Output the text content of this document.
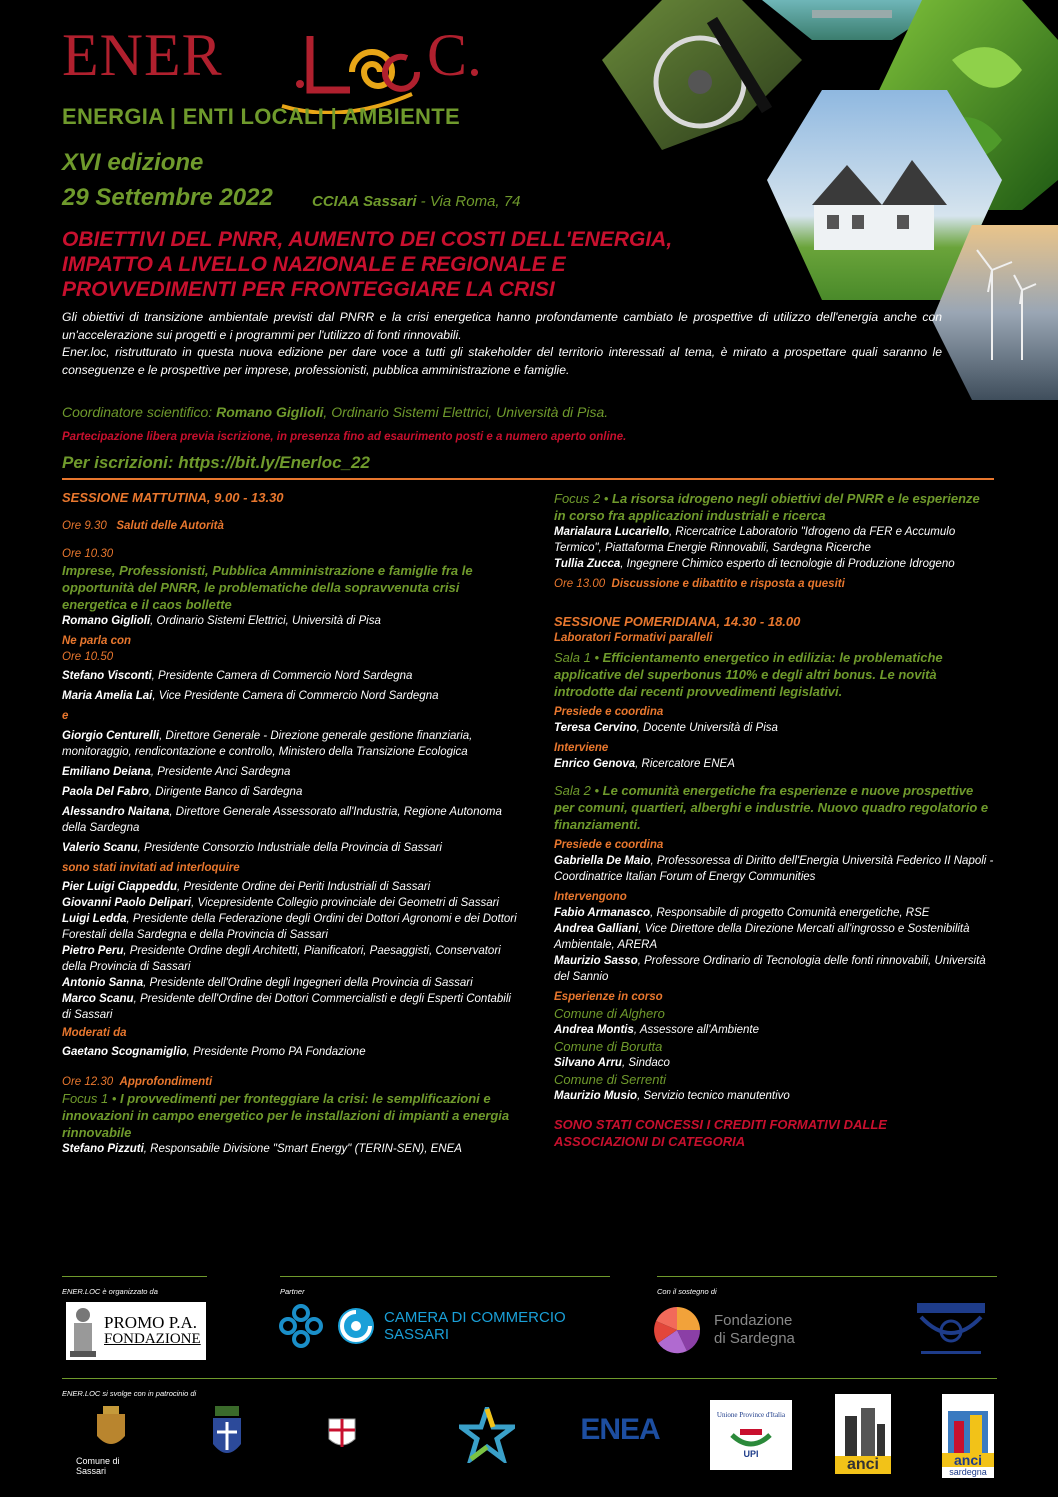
ENER	C.
ENERGIA | ENTI LOCALI | AMBIENTE
XVI edizione
29 Settembre 2022	CCIAA Sassari - Via Roma, 74
OBIETTIVI DEL PNRR, AUMENTO DEI COSTI DELL'ENERGIA,
IMPATTO A LIVELLO NAZIONALE E REGIONALE E
PROVVEDIMENTI PER FRONTEGGIARE LA CRISI
Gli obiettivi di transizione ambientale previsti dal PNRR e la crisi energetica hanno profondamente cambiato le prospettive di utilizzo dell'energia anche con un'accelerazione sui progetti e i programmi per l'utilizzo di fonti rinnovabili.
Ener.loc, ristrutturato in questa nuova edizione per dare voce a tutti gli stakeholder del territorio interessati al tema, è mirato a prospettare quali saranno le conseguenze e le prospettive per imprese, professionisti, pubblica amministrazione e famiglie.
Coordinatore scientifico: Romano Giglioli, Ordinario Sistemi Elettrici, Università di Pisa.
Partecipazione libera previa iscrizione, in presenza fino ad esaurimento posti e a numero aperto online.
Per iscrizioni: https://bit.ly/Enerloc_22
SESSIONE MATTUTINA, 9.00 - 13.30
Ore 9.30 Saluti delle Autorità
Ore 10.30
Imprese, Professionisti, Pubblica Amministrazione e famiglie fra le opportunità del PNRR, le problematiche della sopravvenuta crisi energetica e il caos bollette
Romano Giglioli, Ordinario Sistemi Elettrici, Università di Pisa
Ne parla con
Ore 10.50
Stefano Visconti, Presidente Camera di Commercio Nord Sardegna
Maria Amelia Lai, Vice Presidente Camera di Commercio Nord Sardegna
e
Giorgio Centurelli, Direttore Generale - Direzione generale gestione finanziaria, monitoraggio, rendicontazione e controllo, Ministero della Transizione Ecologica
Emiliano Deiana, Presidente Anci Sardegna
Paola Del Fabro, Dirigente Banco di Sardegna
Alessandro Naitana, Direttore Generale Assessorato all'Industria, Regione Autonoma della Sardegna
Valerio Scanu, Presidente Consorzio Industriale della Provincia di Sassari
sono stati invitati ad interloquire
Pier Luigi Ciappeddu, Presidente Ordine dei Periti Industriali di Sassari
Giovanni Paolo Delipari, Vicepresidente Collegio provinciale dei Geometri di Sassari
Luigi Ledda, Presidente della Federazione degli Ordini dei Dottori Agronomi e dei Dottori Forestali della Sardegna e della Provincia di Sassari
Pietro Peru, Presidente Ordine degli Architetti, Pianificatori, Paesaggisti, Conservatori della Provincia di Sassari
Antonio Sanna, Presidente dell'Ordine degli Ingegneri della Provincia di Sassari
Marco Scanu, Presidente dell'Ordine dei Dottori Commercialisti e degli Esperti Contabili di Sassari
Moderati da
Gaetano Scognamiglio, Presidente Promo PA Fondazione
Ore 12.30 Approfondimenti
Focus 1 • I provvedimenti per fronteggiare la crisi: le semplificazioni e innovazioni in campo energetico per le installazioni di impianti a energia rinnovabile
Stefano Pizzuti, Responsabile Divisione "Smart Energy" (TERIN-SEN), ENEA
Focus 2 • La risorsa idrogeno negli obiettivi del PNRR e le esperienze in corso fra applicazioni industriali e ricerca
Marialaura Lucariello, Ricercatrice Laboratorio "Idrogeno da FER e Accumulo Termico", Piattaforma Energie Rinnovabili, Sardegna Ricerche
Tullia Zucca, Ingegnere Chimico esperto di tecnologie di Produzione Idrogeno
Ore 13.00 Discussione e dibattito e risposta a quesiti
SESSIONE POMERIDIANA, 14.30 - 18.00
Laboratori Formativi paralleli
Sala 1 • Efficientamento energetico in edilizia: le problematiche applicative del superbonus 110% e degli altri bonus. Le novità introdotte dai recenti provvedimenti legislativi.
Presiede e coordina
Teresa Cervino, Docente Università di Pisa
Interviene
Enrico Genova, Ricercatore ENEA
Sala 2 • Le comunità energetiche fra esperienze e nuove prospettive per comuni, quartieri, alberghi e industrie. Nuovo quadro regolatorio e finanziamenti.
Presiede e coordina
Gabriella De Maio, Professoressa di Diritto dell'Energia Università Federico II Napoli - Coordinatrice Italian Forum of Energy Communities
Intervengono
Fabio Armanasco, Responsabile di progetto Comunità energetiche, RSE
Andrea Galliani, Vice Direttore della Direzione Mercati all'ingrosso e Sostenibilità Ambientale, ARERA
Maurizio Sasso, Professore Ordinario di Tecnologia delle fonti rinnovabili, Università del Sannio
Esperienze in corso
Comune di Alghero
Andrea Montis, Assessore all'Ambiente
Comune di Borutta
Silvano Arru, Sindaco
Comune di Serrenti
Maurizio Musio, Servizio tecnico manutentivo
SONO STATI CONCESSI I CREDITI FORMATIVI DALLE ASSOCIAZIONI DI CATEGORIA
ENER.LOC è organizzato da	Partner	Con il sostegno di
PROMO P.A.
FONDAZIONE
CAMERA DI COMMERCIO
SASSARI
Fondazione
di Sardegna
ENER.LOC si svolge con in patrocinio di
Comune di Sassari
ENEA	Unione Province d'Italia
UPI
anci	anci
sardegna
